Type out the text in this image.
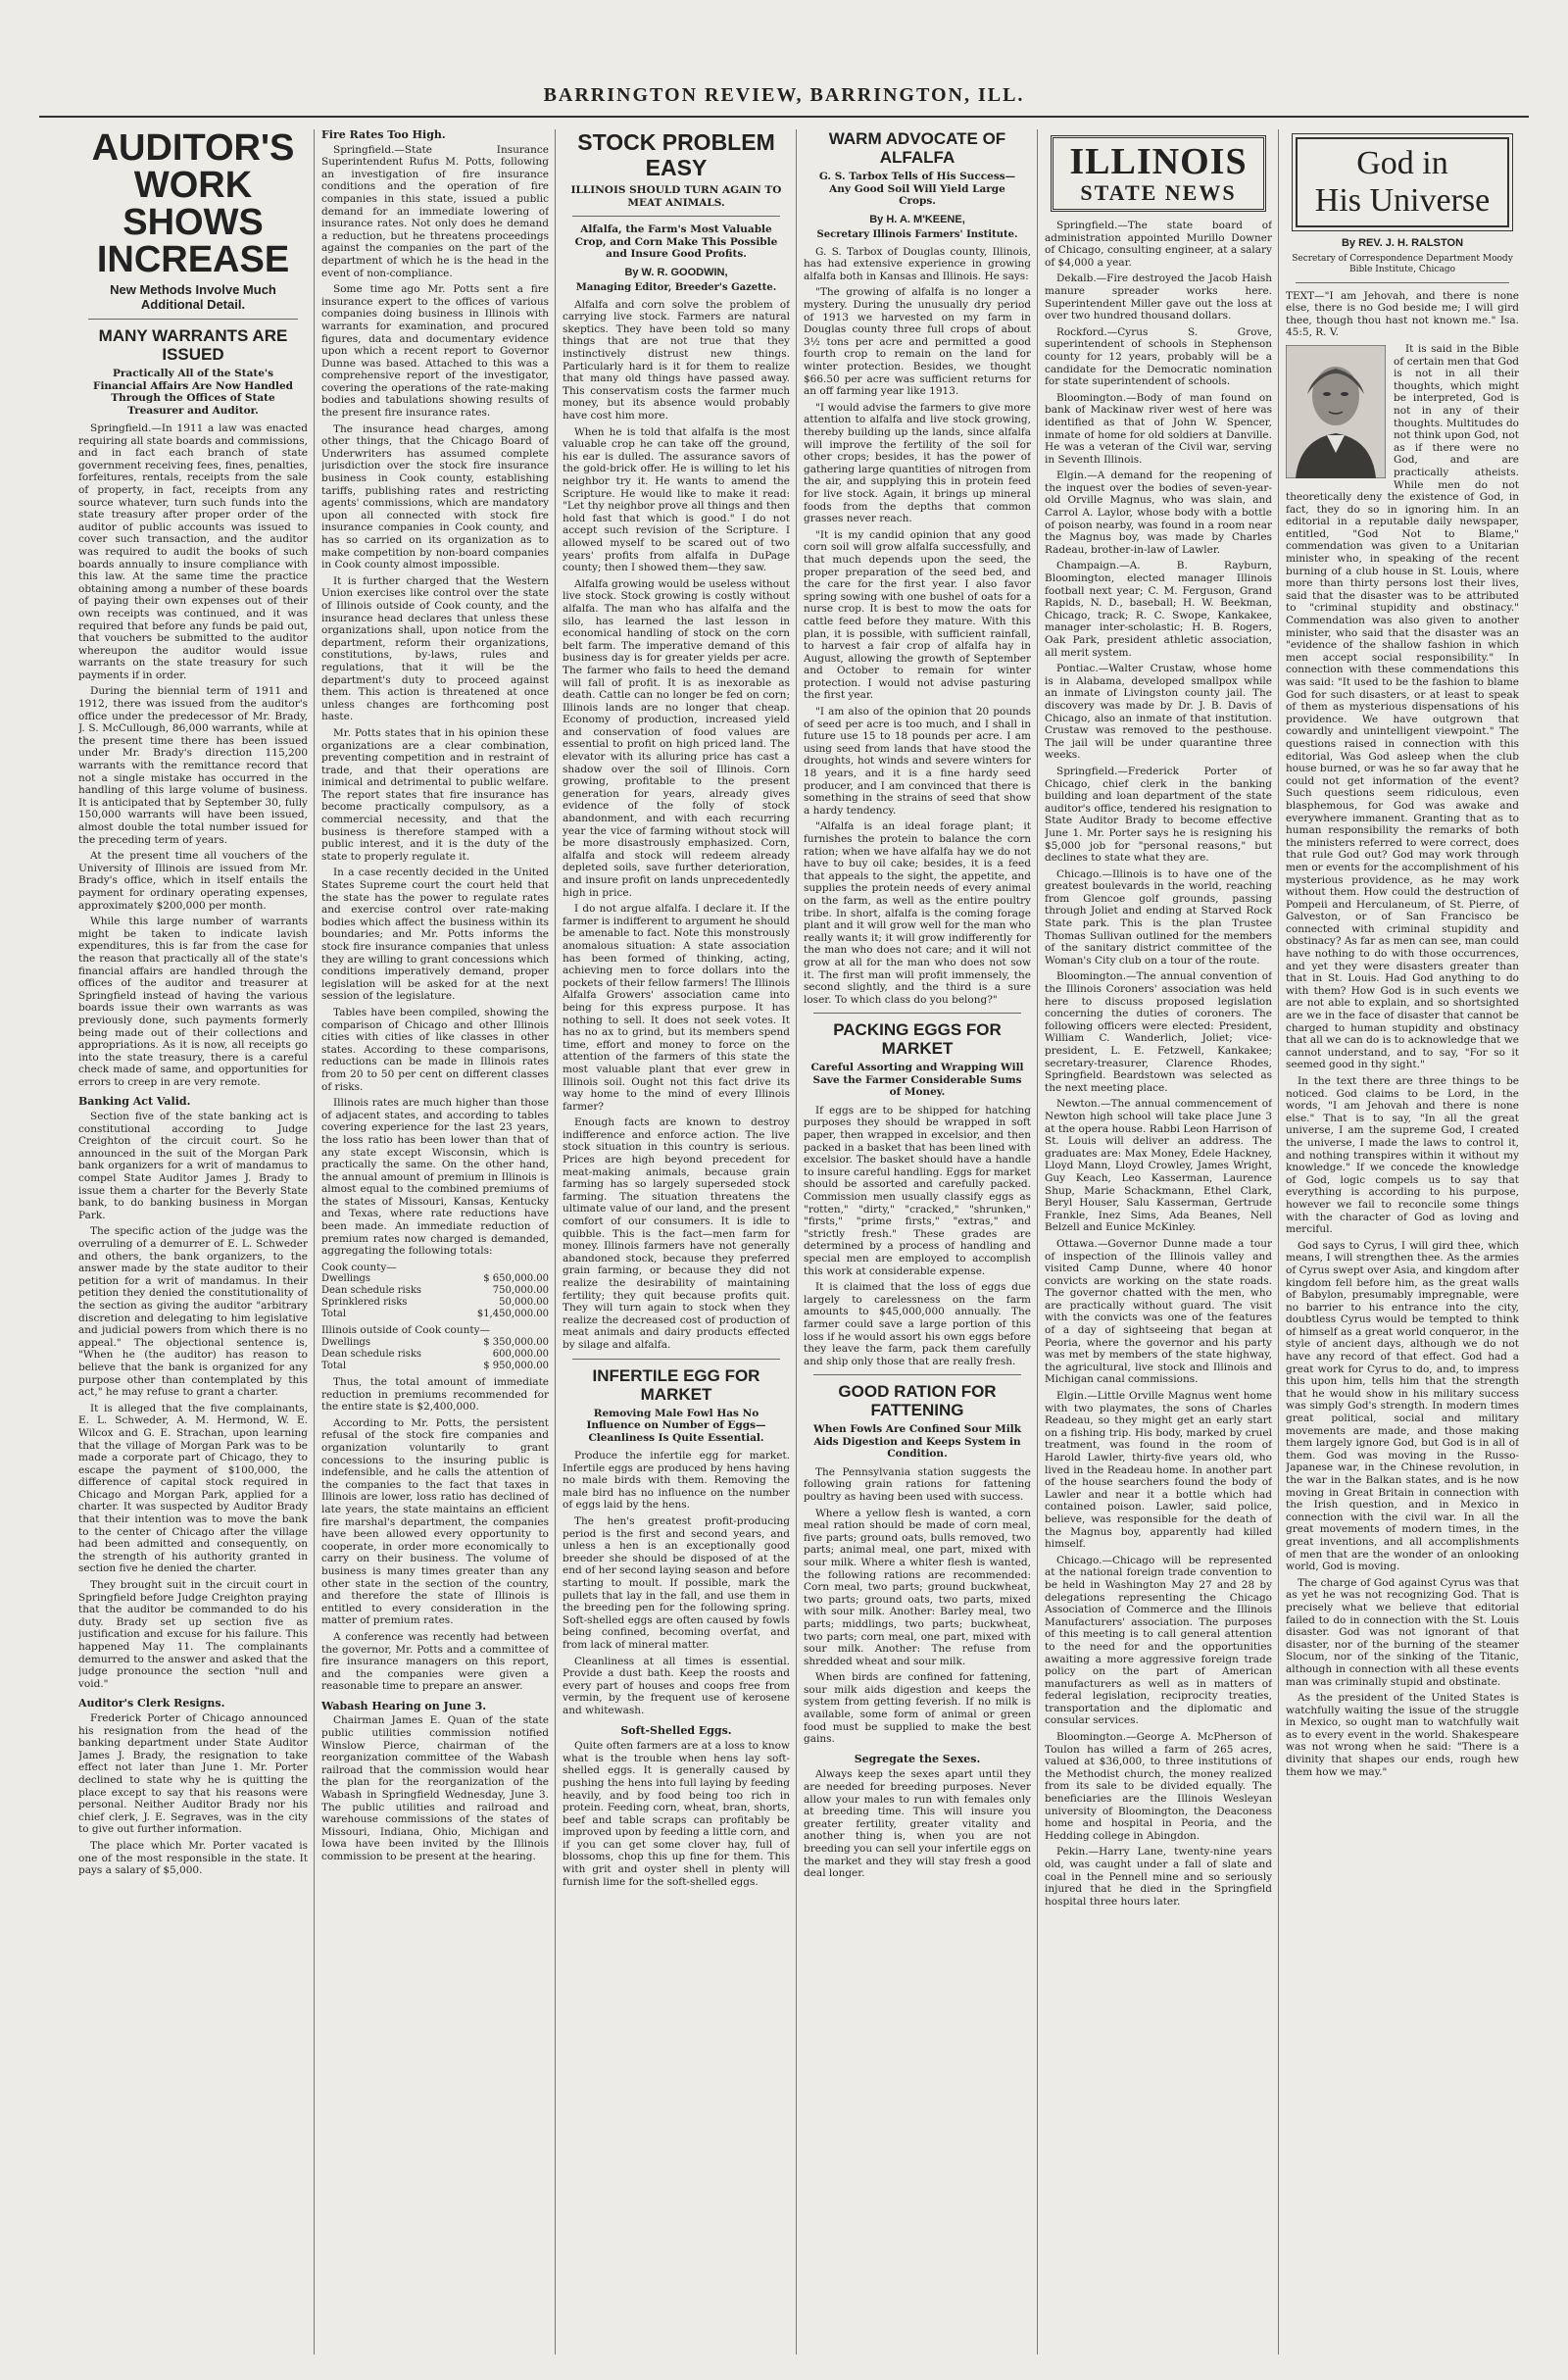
BARRINGTON REVIEW, BARRINGTON, ILL.
AUDITOR'S WORK SHOWS INCREASE
New Methods Involve Much Additional Detail.
MANY WARRANTS ARE ISSUED
Practically All of the State's Financial Affairs Are Now Handled Through the Offices of State Treasurer and Auditor.

Springfield.—In 1911 a law was enacted requiring all state boards and commissions, and in fact each branch of state government receiving fees, fines, penalties, forfeitures, rentals, receipts from the sale of property, in fact, receipts from any source whatever, turn such funds into the state treasury after proper order of the auditor of public accounts was issued to cover such transaction, and the auditor was required to audit the books of such boards annually to insure compliance with this law. At the same time the practice obtaining among a number of these boards of paying their own expenses out of their own receipts was continued, and it was required that before any funds be paid out, that vouchers be submitted to the auditor whereupon the auditor would issue warrants on the state treasury for such payments if in order.

During the biennial term of 1911 and 1912, there was issued from the auditor's office under the predecessor of Mr. Brady, J. S. McCullough, 86,000 warrants, while at the present time there has been issued under Mr. Brady's direction 115,200 warrants with the remittance record that not a single mistake has occurred in the handling of this large volume of business. It is anticipated that by September 30, fully 150,000 warrants will have been issued, almost double the total number issued for the preceding term of years.

At the present time all vouchers of the University of Illinois are issued from Mr. Brady's office, which in itself entails the payment for ordinary operating expenses, approximately $200,000 per month.

While this large number of warrants might be taken to indicate lavish expenditures, this is far from the case for the reason that practically all of the state's financial affairs are handled through the offices of the auditor and treasurer at Springfield instead of having the various boards issue their own warrants as was previously done, such payments formerly being made out of their collections and appropriations. As it is now, all receipts go into the state treasury, there is a careful check made of same, and opportunities for errors to creep in are very remote.

Banking Act Valid.

Section five of the state banking act is constitutional according to Judge Creighton of the circuit court. So he announced in the suit of the Morgan Park bank organizers for a writ of mandamus to compel State Auditor James J. Brady to issue them a charter for the Beverly State bank, to do banking business in Morgan Park.

The specific action of the judge was the overruling of a demurrer of E. L. Schweder and others, the bank organizers, to the answer made by the state auditor to their petition for a writ of mandamus. In their petition they denied the constitutionality of the section as giving the auditor "arbitrary discretion and delegating to him legislative and judicial powers from which there is no appeal." The objectional sentence is, "When he (the auditor) has reason to believe that the bank is organized for any purpose other than contemplated by this act," he may refuse to grant a charter.

It is alleged that the five complainants, E. L. Schweder, A. M. Hermond, W. E. Wilcox and G. E. Strachan, upon learning that the village of Morgan Park was to be made a corporate part of Chicago, they to escape the payment of $100,000, the difference of capital stock required in Chicago and Morgan Park, applied for a charter. It was suspected by Auditor Brady that their intention was to move the bank to the center of Chicago after the village had been admitted and consequently, on the strength of his authority granted in section five he denied the charter.

They brought suit in the circuit court in Springfield before Judge Creighton praying that the auditor be commanded to do his duty. Brady set up section five as justification and excuse for his failure. This happened May 11. The complainants demurred to the answer and asked that the judge pronounce the section "null and void."

Auditor's Clerk Resigns.

Frederick Porter of Chicago announced his resignation from the head of the banking department under State Auditor James J. Brady, the resignation to take effect not later than June 1. Mr. Porter declined to state why he is quitting the place except to say that his reasons were personal. Neither Auditor Brady nor his chief clerk, J. E. Segraves, was in the city to give out further information.

The place which Mr. Porter vacated is one of the most responsible in the state. It pays a salary of $5,000.

Fire Rates Too High.

Springfield.—State Insurance Superintendent Rufus M. Potts, following an investigation of fire insurance conditions and the operation of fire companies in this state, issued a public demand for an immediate lowering of insurance rates. Not only does he demand a reduction, but he threatens proceedings against the companies on the part of the department of which he is the head in the event of non-compliance.

Some time ago Mr. Potts sent a fire insurance expert to the offices of various companies doing business in Illinois with warrants for examination, and procured figures, data and documentary evidence upon which a recent report to Governor Dunne was based. Attached to this was a comprehensive report of the investigator, covering the operations of the rate-making bodies and tabulations showing results of the present fire insurance rates.

The insurance head charges, among other things, that the Chicago Board of Underwriters has assumed complete jurisdiction over the stock fire insurance business in Cook county, establishing tariffs, publishing rates and restricting agents' commissions, which are mandatory upon all connected with stock fire insurance companies in Cook county, and has so carried on its organization as to make competition by non-board companies in Cook county almost impossible.

It is further charged that the Western Union exercises like control over the state of Illinois outside of Cook county, and the insurance head declares that unless these organizations shall, upon notice from the department, reform their organizations, constitutions, by-laws, rules and regulations, that it will be the department's duty to proceed against them. This action is threatened at once unless changes are forthcoming post haste.

Mr. Potts states that in his opinion these organizations are a clear combination, preventing competition and in restraint of trade, and that their operations are inimical and detrimental to public welfare. The report states that fire insurance has become practically compulsory, as a commercial necessity, and that the business is therefore stamped with a public interest, and it is the duty of the state to properly regulate it.

In a case recently decided in the United States Supreme court the court held that the state has the power to regulate rates and exercise control over rate-making bodies which affect the business within its boundaries; and Mr. Potts informs the stock fire insurance companies that unless they are willing to grant concessions which conditions imperatively demand, proper legislation will be asked for at the next session of the legislature.

Tables have been compiled, showing the comparison of Chicago and other Illinois cities with cities of like classes in other states. According to these comparisons, reductions can be made in Illinois rates from 20 to 50 per cent on different classes of risks.

Illinois rates are much higher than those of adjacent states, and according to tables covering experience for the last 23 years, the loss ratio has been lower than that of any state except Wisconsin, which is practically the same. On the other hand, the annual amount of premium in Illinois is almost equal to the combined premiums of the states of Missouri, Kansas, Kentucky and Texas, where rate reductions have been made. An immediate reduction of premium rates now charged is demanded, aggregating the following totals:

Cook county—
Dwellings	$ 650,000.00
Dean schedule risks	750,000.00
Sprinklered risks	50,000.00
Total	$1,450,000.00
Illinois outside of Cook county—
Dwellings	$ 350,000.00
Dean schedule risks	600,000.00
Total	$ 950,000.00

Thus, the total amount of immediate reduction in premiums recommended for the entire state is $2,400,000.

According to Mr. Potts, the persistent refusal of the stock fire companies and organization voluntarily to grant concessions to the insuring public is indefensible, and he calls the attention of the companies to the fact that taxes in Illinois are lower, loss ratio has declined of late years, the state maintains an efficient fire marshal's department, the companies have been allowed every opportunity to cooperate, in order more economically to carry on their business. The volume of business is many times greater than any other state in the section of the country, and therefore the state of Illinois is entitled to every consideration in the matter of premium rates.

A conference was recently had between the governor, Mr. Potts and a committee of fire insurance managers on this report, and the companies were given a reasonable time to prepare an answer.

Wabash Hearing on June 3.

Chairman James E. Quan of the state public utilities commission notified Winslow Pierce, chairman of the reorganization committee of the Wabash railroad that the commission would hear the plan for the reorganization of the Wabash in Springfield Wednesday, June 3. The public utilities and railroad and warehouse commissions of the states of Missouri, Indiana, Ohio, Michigan and Iowa have been invited by the Illinois commission to be present at the hearing.

STOCK PROBLEM EASY
ILLINOIS SHOULD TURN AGAIN TO MEAT ANIMALS.
Alfalfa, the Farm's Most Valuable Crop, and Corn Make This Possible and Insure Good Profits.
By W. R. GOODWIN,
Managing Editor, Breeder's Gazette.

Alfalfa and corn solve the problem of carrying live stock. Farmers are natural skeptics. They have been told so many things that are not true that they instinctively distrust new things. Particularly hard is it for them to realize that many old things have passed away. This conservatism costs the farmer much money, but its absence would probably have cost him more.

When he is told that alfalfa is the most valuable crop he can take off the ground, his ear is dulled. The assurance savors of the gold-brick offer. He is willing to let his neighbor try it. He wants to amend the Scripture. He would like to make it read: "Let thy neighbor prove all things and then hold fast that which is good." I do not accept such revision of the Scripture. I allowed myself to be scared out of two years' profits from alfalfa in DuPage county; then I showed them—they saw.

Alfalfa growing would be useless without live stock. Stock growing is costly without alfalfa. The man who has alfalfa and the silo, has learned the last lesson in economical handling of stock on the corn belt farm. The imperative demand of this business day is for greater yields per acre. The farmer who fails to heed the demand will fall of profit. It is as inexorable as death. Cattle can no longer be fed on corn; Illinois lands are no longer that cheap. Economy of production, increased yield and conservation of food values are essential to profit on high priced land. The elevator with its alluring price has cast a shadow over the soil of Illinois. Corn growing, profitable to the present generation for years, already gives evidence of the folly of stock abandonment, and with each recurring year the vice of farming without stock will be more disastrously emphasized. Corn, alfalfa and stock will redeem already depleted soils, save further deterioration, and insure profit on lands unprecedentedly high in price.

I do not argue alfalfa. I declare it. If the farmer is indifferent to argument he should be amenable to fact. Note this monstrously anomalous situation: A state association has been formed of thinking, acting, achieving men to force dollars into the pockets of their fellow farmers! The Illinois Alfalfa Growers' association came into being for this express purpose. It has nothing to sell. It does not seek votes. It has no ax to grind, but its members spend time, effort and money to force on the attention of the farmers of this state the most valuable plant that ever grew in Illinois soil. Ought not this fact drive its way home to the mind of every Illinois farmer?

Enough facts are known to destroy indifference and enforce action. The live stock situation in this country is serious. Prices are high beyond precedent for meat-making animals, because grain farming has so largely superseded stock farming. The situation threatens the ultimate value of our land, and the present comfort of our consumers. It is idle to quibble. This is the fact—men farm for money. Illinois farmers have not generally abandoned stock, because they preferred grain farming, or because they did not realize the desirability of maintaining fertility; they quit because profits quit. They will turn again to stock when they realize the decreased cost of production of meat animals and dairy products effected by silage and alfalfa.

INFERTILE EGG FOR MARKET
Removing Male Fowl Has No Influence on Number of Eggs—Cleanliness Is Quite Essential.

Produce the infertile egg for market. Infertile eggs are produced by hens having no male birds with them. Removing the male bird has no influence on the number of eggs laid by the hens.

The hen's greatest profit-producing period is the first and second years, and unless a hen is an exceptionally good breeder she should be disposed of at the end of her second laying season and before starting to moult. If possible, mark the pullets that lay in the fall, and use them in the breeding pen for the following spring. Soft-shelled eggs are often caused by fowls being confined, becoming overfat, and from lack of mineral matter.

Cleanliness at all times is essential. Provide a dust bath. Keep the roosts and every part of houses and coops free from vermin, by the frequent use of kerosene and whitewash.

Soft-Shelled Eggs.

Quite often farmers are at a loss to know what is the trouble when hens lay soft-shelled eggs. It is generally caused by pushing the hens into full laying by feeding heavily, and by food being too rich in protein. Feeding corn, wheat, bran, shorts, beef and table scraps can profitably be improved upon by feeding a little corn, and if you can get some clover hay, full of blossoms, chop this up fine for them. This with grit and oyster shell in plenty will furnish lime for the soft-shelled eggs.

WARM ADVOCATE OF ALFALFA
G. S. Tarbox Tells of His Success—Any Good Soil Will Yield Large Crops.
By H. A. M'KEENE,
Secretary Illinois Farmers' Institute.

G. S. Tarbox of Douglas county, Illinois, has had extensive experience in growing alfalfa both in Kansas and Illinois. He says:

"The growing of alfalfa is no longer a mystery. During the unusually dry period of 1913 we harvested on my farm in Douglas county three full crops of about 3½ tons per acre and permitted a good fourth crop to remain on the land for winter protection. Besides, we thought $66.50 per acre was sufficient returns for an off farming year like 1913.

"I would advise the farmers to give more attention to alfalfa and live stock growing, thereby building up the lands, since alfalfa will improve the fertility of the soil for other crops; besides, it has the power of gathering large quantities of nitrogen from the air, and supplying this in protein feed for live stock. Again, it brings up mineral foods from the depths that common grasses never reach.

"It is my candid opinion that any good corn soil will grow alfalfa successfully, and that much depends upon the seed, the proper preparation of the seed bed, and the care for the first year. I also favor spring sowing with one bushel of oats for a nurse crop. It is best to mow the oats for cattle feed before they mature. With this plan, it is possible, with sufficient rainfall, to harvest a fair crop of alfalfa hay in August, allowing the growth of September and October to remain for winter protection. I would not advise pasturing the first year.

"I am also of the opinion that 20 pounds of seed per acre is too much, and I shall in future use 15 to 18 pounds per acre. I am using seed from lands that have stood the droughts, hot winds and severe winters for 18 years, and it is a fine hardy seed producer, and I am convinced that there is something in the strains of seed that show a hardy tendency.

"Alfalfa is an ideal forage plant; it furnishes the protein to balance the corn ration; when we have alfalfa hay we do not have to buy oil cake; besides, it is a feed that appeals to the sight, the appetite, and supplies the protein needs of every animal on the farm, as well as the entire poultry tribe. In short, alfalfa is the coming forage plant and it will grow well for the man who really wants it; it will grow indifferently for the man who does not care; and it will not grow at all for the man who does not sow it. The first man will profit immensely, the second slightly, and the third is a sure loser. To which class do you belong?"

PACKING EGGS FOR MARKET
Careful Assorting and Wrapping Will Save the Farmer Considerable Sums of Money.

If eggs are to be shipped for hatching purposes they should be wrapped in soft paper, then wrapped in excelsior, and then packed in a basket that has been lined with excelsior. The basket should have a handle to insure careful handling. Eggs for market should be assorted and carefully packed. Commission men usually classify eggs as "rotten," "dirty," "cracked," "shrunken," "firsts," "prime firsts," "extras," and "strictly fresh." These grades are determined by a process of handling and special men are employed to accomplish this work at considerable expense.

It is claimed that the loss of eggs due largely to carelessness on the farm amounts to $45,000,000 annually. The farmer could save a large portion of this loss if he would assort his own eggs before they leave the farm, pack them carefully and ship only those that are really fresh.

GOOD RATION FOR FATTENING
When Fowls Are Confined Sour Milk Aids Digestion and Keeps System in Condition.

The Pennsylvania station suggests the following grain rations for fattening poultry as having been used with success.

Where a yellow flesh is wanted, a corn meal ration should be made of corn meal, five parts; ground oats, bulls removed, two parts; animal meal, one part, mixed with sour milk. Where a whiter flesh is wanted, the following rations are recommended: Corn meal, two parts; ground buckwheat, two parts; ground oats, two parts, mixed with sour milk. Another: Barley meal, two parts; middlings, two parts; buckwheat, two parts; corn meal, one part, mixed with sour milk. Another: The refuse from shredded wheat and sour milk.

When birds are confined for fattening, sour milk aids digestion and keeps the system from getting feverish. If no milk is available, some form of animal or green food must be supplied to make the best gains.

Segregate the Sexes.

Always keep the sexes apart until they are needed for breeding purposes. Never allow your males to run with females only at breeding time. This will insure you greater fertility, greater vitality and another thing is, when you are not breeding you can sell your infertile eggs on the market and they will stay fresh a good deal longer.

ILLINOIS
STATE NEWS

Springfield.—The state board of administration appointed Murillo Downer of Chicago, consulting engineer, at a salary of $4,000 a year.

Dekalb.—Fire destroyed the Jacob Haish manure spreader works here. Superintendent Miller gave out the loss at over two hundred thousand dollars.

Rockford.—Cyrus S. Grove, superintendent of schools in Stephenson county for 12 years, probably will be a candidate for the Democratic nomination for state superintendent of schools.

Bloomington.—Body of man found on bank of Mackinaw river west of here was identified as that of John W. Spencer, inmate of home for old soldiers at Danville. He was a veteran of the Civil war, serving in Seventh Illinois.

Elgin.—A demand for the reopening of the inquest over the bodies of seven-year-old Orville Magnus, who was slain, and Carrol A. Laylor, whose body with a bottle of poison nearby, was found in a room near the Magnus boy, was made by Charles Radeau, brother-in-law of Lawler.

Champaign.—A. B. Rayburn, Bloomington, elected manager Illinois football next year; C. M. Ferguson, Grand Rapids, N. D., baseball; H. W. Beekman, Chicago, track; R. C. Swope, Kankakee, manager inter-scholastic; H. B. Rogers, Oak Park, president athletic association, all merit system.

Pontiac.—Walter Crustaw, whose home is in Alabama, developed smallpox while an inmate of Livingston county jail. The discovery was made by Dr. J. B. Davis of Chicago, also an inmate of that institution. Crustaw was removed to the pesthouse. The jail will be under quarantine three weeks.

Springfield.—Frederick Porter of Chicago, chief clerk in the banking building and loan department of the state auditor's office, tendered his resignation to State Auditor Brady to become effective June 1. Mr. Porter says he is resigning his $5,000 job for "personal reasons," but declines to state what they are.

Chicago.—Illinois is to have one of the greatest boulevards in the world, reaching from Glencoe golf grounds, passing through Joliet and ending at Starved Rock State park. This is the plan Trustee Thomas Sullivan outlined for the members of the sanitary district committee of the Woman's City club on a tour of the route.

Bloomington.—The annual convention of the Illinois Coroners' association was held here to discuss proposed legislation concerning the duties of coroners. The following officers were elected: President, William C. Wanderlich, Joliet; vice-president, L. E. Fetzwell, Kankakee; secretary-treasurer, Clarence Rhodes, Springfield. Beardstown was selected as the next meeting place.

Newton.—The annual commencement of Newton high school will take place June 3 at the opera house. Rabbi Leon Harrison of St. Louis will deliver an address. The graduates are: Max Money, Edele Hackney, Lloyd Mann, Lloyd Crowley, James Wright, Guy Keach, Leo Kasserman, Laurence Shup, Marie Schackmann, Ethel Clark, Beryl Houser, Salu Kasserman, Gertrude Frankle, Inez Sims, Ada Beanes, Nell Belzell and Eunice McKinley.

Ottawa.—Governor Dunne made a tour of inspection of the Illinois valley and visited Camp Dunne, where 40 honor convicts are working on the state roads. The governor chatted with the men, who are practically without guard. The visit with the convicts was one of the features of a day of sightseeing that began at Peoria, where the governor and his party was met by members of the state highway, the agricultural, live stock and Illinois and Michigan canal commissions.

Elgin.—Little Orville Magnus went home with two playmates, the sons of Charles Readeau, so they might get an early start on a fishing trip. His body, marked by cruel treatment, was found in the room of Harold Lawler, thirty-five years old, who lived in the Readeau home. In another part of the house searchers found the body of Lawler and near it a bottle which had contained poison. Lawler, said police, believe, was responsible for the death of the Magnus boy, apparently had killed himself.

Chicago.—Chicago will be represented at the national foreign trade convention to be held in Washington May 27 and 28 by delegations representing the Chicago Association of Commerce and the Illinois Manufacturers' association. The purposes of this meeting is to call general attention to the need for and the opportunities awaiting a more aggressive foreign trade policy on the part of American manufacturers as well as in matters of federal legislation, reciprocity treaties, transportation and the diplomatic and consular services.

Bloomington.—George A. McPherson of Toulon has willed a farm of 265 acres, valued at $36,000, to three institutions of the Methodist church, the money realized from its sale to be divided equally. The beneficiaries are the Illinois Wesleyan university of Bloomington, the Deaconess home and hospital in Peoria, and the Hedding college in Abingdon.

Pekin.—Harry Lane, twenty-nine years old, was caught under a fall of slate and coal in the Pennell mine and so seriously injured that he died in the Springfield hospital three hours later.

God in
His Universe
By REV. J. H. RALSTON
Secretary of Correspondence Department Moody Bible Institute, Chicago

TEXT—"I am Jehovah, and there is none else, there is no God beside me; I will gird thee, though thou hast not known me." Isa. 45:5, R. V.

It is said in the Bible of certain men that God is not in all their thoughts, which might be interpreted, God is not in any of their thoughts. Multitudes do not think upon God, not as if there were no God, and are practically atheists. While men do not theoretically deny the existence of God, in fact, they do so in ignoring him. In an editorial in a reputable daily newspaper, entitled, "God Not to Blame," commendation was given to a Unitarian minister who, in speaking of the recent burning of a club house in St. Louis, where more than thirty persons lost their lives, said that the disaster was to be attributed to "criminal stupidity and obstinacy." Commendation was also given to another minister, who said that the disaster was an "evidence of the shallow fashion in which men accept social responsibility." In connection with these commendations this was said: "It used to be the fashion to blame God for such disasters, or at least to speak of them as mysterious dispensations of his providence. We have outgrown that cowardly and unintelligent viewpoint." The questions raised in connection with this editorial, Was God asleep when the club house burned, or was he so far away that he could not get information of the event? Such questions seem ridiculous, even blasphemous, for God was awake and everywhere immanent. Granting that as to human responsibility the remarks of both the ministers referred to were correct, does that rule God out? God may work through men or events for the accomplishment of his mysterious providence, as he may work without them. How could the destruction of Pompeii and Herculaneum, of St. Pierre, of Galveston, or of San Francisco be connected with criminal stupidity and obstinacy? As far as men can see, man could have nothing to do with those occurrences, and yet they were disasters greater than that in St. Louis. Had God anything to do with them? How God is in such events we are not able to explain, and so shortsighted are we in the face of disaster that cannot be charged to human stupidity and obstinacy that all we can do is to acknowledge that we cannot understand, and to say, "For so it seemed good in thy sight."

In the text there are three things to be noticed. God claims to be Lord, in the words, "I am Jehovah and there is none else." That is to say, "In all the great universe, I am the supreme God, I created the universe, I made the laws to control it, and nothing transpires within it without my knowledge." If we concede the knowledge of God, logic compels us to say that everything is according to his purpose, however we fail to reconcile some things with the character of God as loving and merciful.

God says to Cyrus, I will gird thee, which means, I will strengthen thee. As the armies of Cyrus swept over Asia, and kingdom after kingdom fell before him, as the great walls of Babylon, presumably impregnable, were no barrier to his entrance into the city, doubtless Cyrus would be tempted to think of himself as a great world conqueror, in the style of ancient days, although we do not have any record of that effect. God had a great work for Cyrus to do, and, to impress this upon him, tells him that the strength that he would show in his military success was simply God's strength. In modern times great political, social and military movements are made, and those making them largely ignore God, but God is in all of them. God was moving in the Russo-Japanese war, in the Chinese revolution, in the war in the Balkan states, and is he now moving in Great Britain in connection with the Irish question, and in Mexico in connection with the civil war. In all the great movements of modern times, in the great inventions, and all accomplishments of men that are the wonder of an onlooking world, God is moving.

The charge of God against Cyrus was that as yet he was not recognizing God. That is precisely what we believe that editorial failed to do in connection with the St. Louis disaster. God was not ignorant of that disaster, nor of the burning of the steamer Slocum, nor of the sinking of the Titanic, although in connection with all these events man was criminally stupid and obstinate.

As the president of the United States is watchfully waiting the issue of the struggle in Mexico, so ought man to watchfully wait as to every event in the world. Shakespeare was not wrong when he said: "There is a divinity that shapes our ends, rough hew them how we may."
